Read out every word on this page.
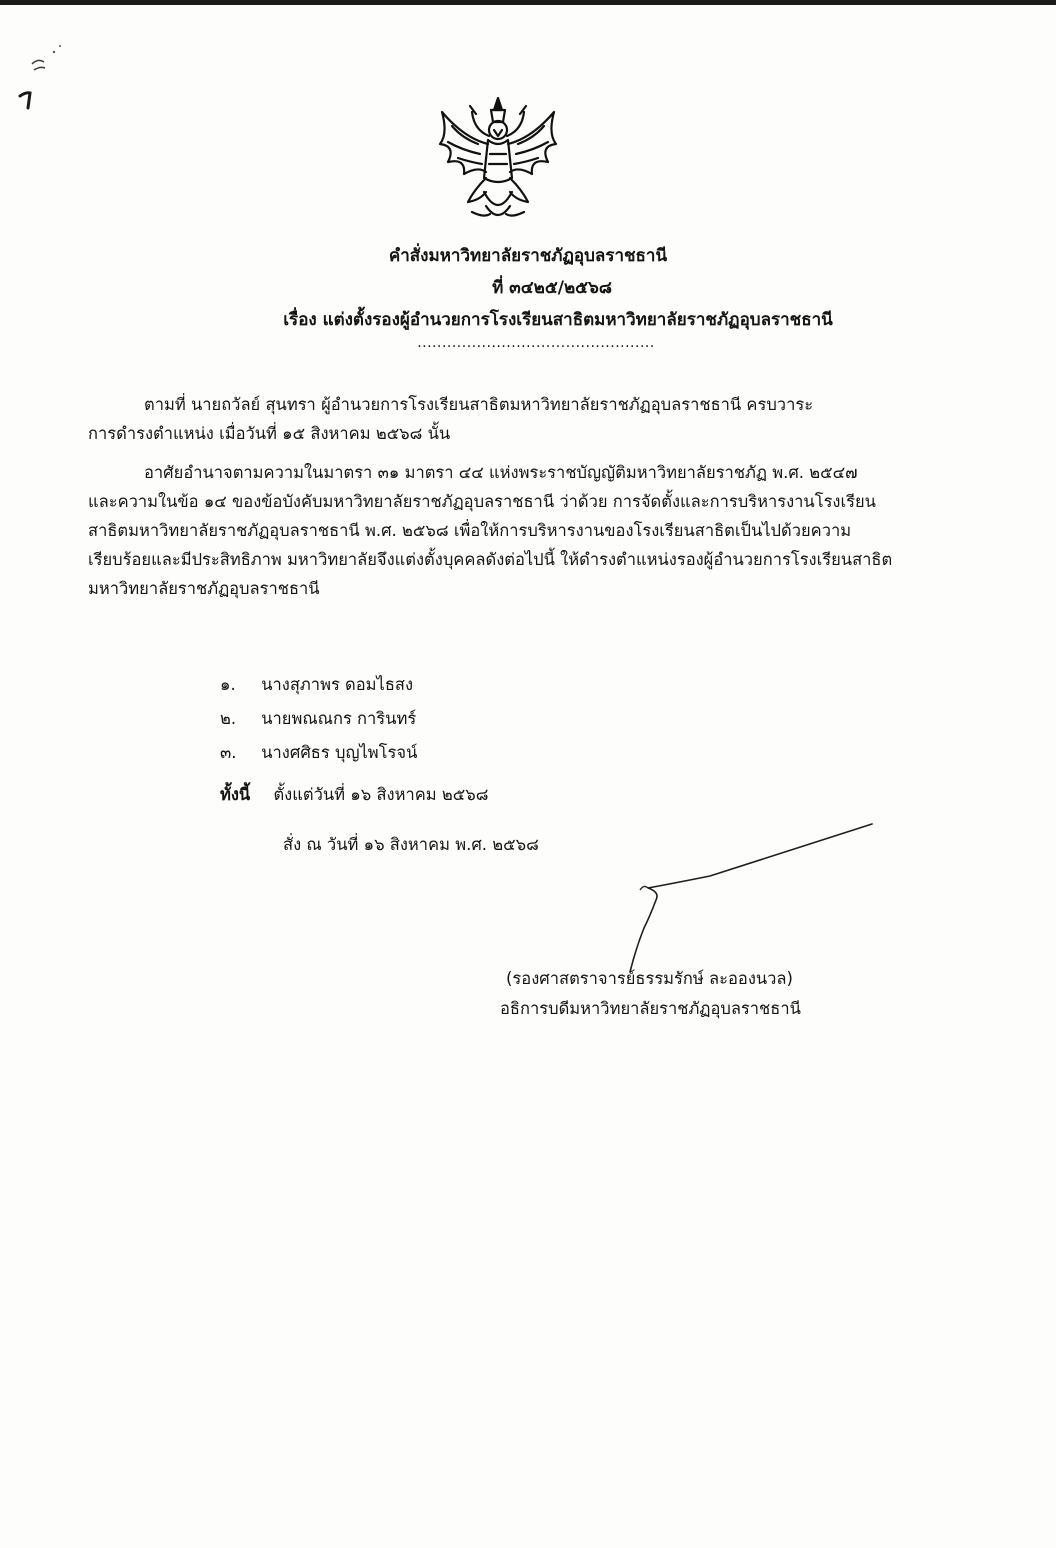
คำสั่งมหาวิทยาลัยราชภัฏอุบลราชธานี
ที่ ๓๔๒๕/๒๕๖๘
เรื่อง แต่งตั้งรองผู้อำนวยการโรงเรียนสาธิตมหาวิทยาลัยราชภัฏอุบลราชธานี
................................................

ตามที่ นายถวัลย์ สุนทรา ผู้อำนวยการโรงเรียนสาธิตมหาวิทยาลัยราชภัฏอุบลราชธานี ครบวาระ

การดำรงตำแหน่ง เมื่อวันที่ ๑๕ สิงหาคม ๒๕๖๘ นั้น

อาศัยอำนาจตามความในมาตรา ๓๑ มาตรา ๔๔ แห่งพระราชบัญญัติมหาวิทยาลัยราชภัฏ พ.ศ. ๒๕๔๗

และความในข้อ ๑๔ ของข้อบังคับมหาวิทยาลัยราชภัฏอุบลราชธานี ว่าด้วย การจัดตั้งและการบริหารงานโรงเรียน

สาธิตมหาวิทยาลัยราชภัฏอุบลราชธานี พ.ศ. ๒๕๖๘ เพื่อให้การบริหารงานของโรงเรียนสาธิตเป็นไปด้วยความ

เรียบร้อยและมีประสิทธิภาพ มหาวิทยาลัยจึงแต่งตั้งบุคคลดังต่อไปนี้ ให้ดำรงตำแหน่งรองผู้อำนวยการโรงเรียนสาธิต

มหาวิทยาลัยราชภัฏอุบลราชธานี

๑. นางสุภาพร ดอมไธสง
๒. นายพณณกร การินทร์
๓. นางศศิธร บุญไพโรจน์
ทั้งนี้ ตั้งแต่วันที่ ๑๖ สิงหาคม ๒๕๖๘
สั่ง ณ วันที่ ๑๖ สิงหาคม พ.ศ. ๒๕๖๘
(รองศาสตราจารย์ธรรมรักษ์ ละอองนวล)
อธิการบดีมหาวิทยาลัยราชภัฏอุบลราชธานี
